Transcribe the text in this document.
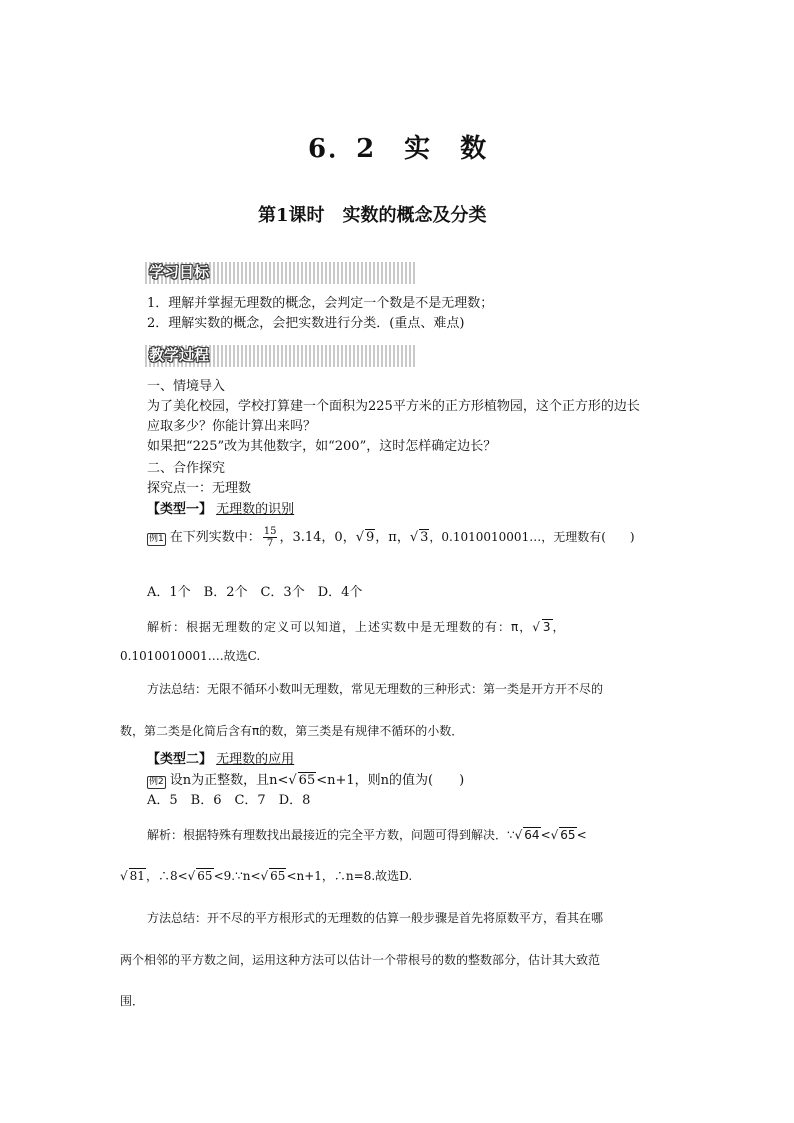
6．2　实　数
第1课时　实数的概念及分类
学习目标
1．理解并掌握无理数的概念，会判定一个数是不是无理数；
2．理解实数的概念，会把实数进行分类．(重点、难点)
教学过程
一、情境导入
为了美化校园，学校打算建一个面积为225平方米的正方形植物园，这个正方形的边长
应取多少？你能计算出来吗？
如果把“225”改为其他数字，如“200”，这时怎样确定边长？
二、合作探究
探究点一：无理数
【类型一】 无理数的识别
例1 在下列实数中： $\frac{15}{7}$ ，3.14，0，√ 9，π，√ 3，0.1010010001…，无理数有(　　)
A．1个　B．2个　C．3个　D．4个
解析：根据无理数的定义可以知道，上述实数中是无理数的有：π，√ 3，
0.1010010001….故选C.
方法总结：无限不循环小数叫无理数，常见无理数的三种形式：第一类是开方开不尽的
数，第二类是化简后含有π的数，第三类是有规律不循环的小数．
【类型二】 无理数的应用
例2 设n为正整数，且n<√ 65<n+1，则n的值为(　　)
A．5　B．6　C．7　D．8
解析：根据特殊有理数找出最接近的完全平方数，问题可得到解决．∵√ 64<√ 65<
√ 81，∴8<√ 65<9.∵n<√ 65<n+1，∴n=8.故选D.
方法总结：开不尽的平方根形式的无理数的估算一般步骤是首先将原数平方，看其在哪
两个相邻的平方数之间，运用这种方法可以估计一个带根号的数的整数部分，估计其大致范
围．
